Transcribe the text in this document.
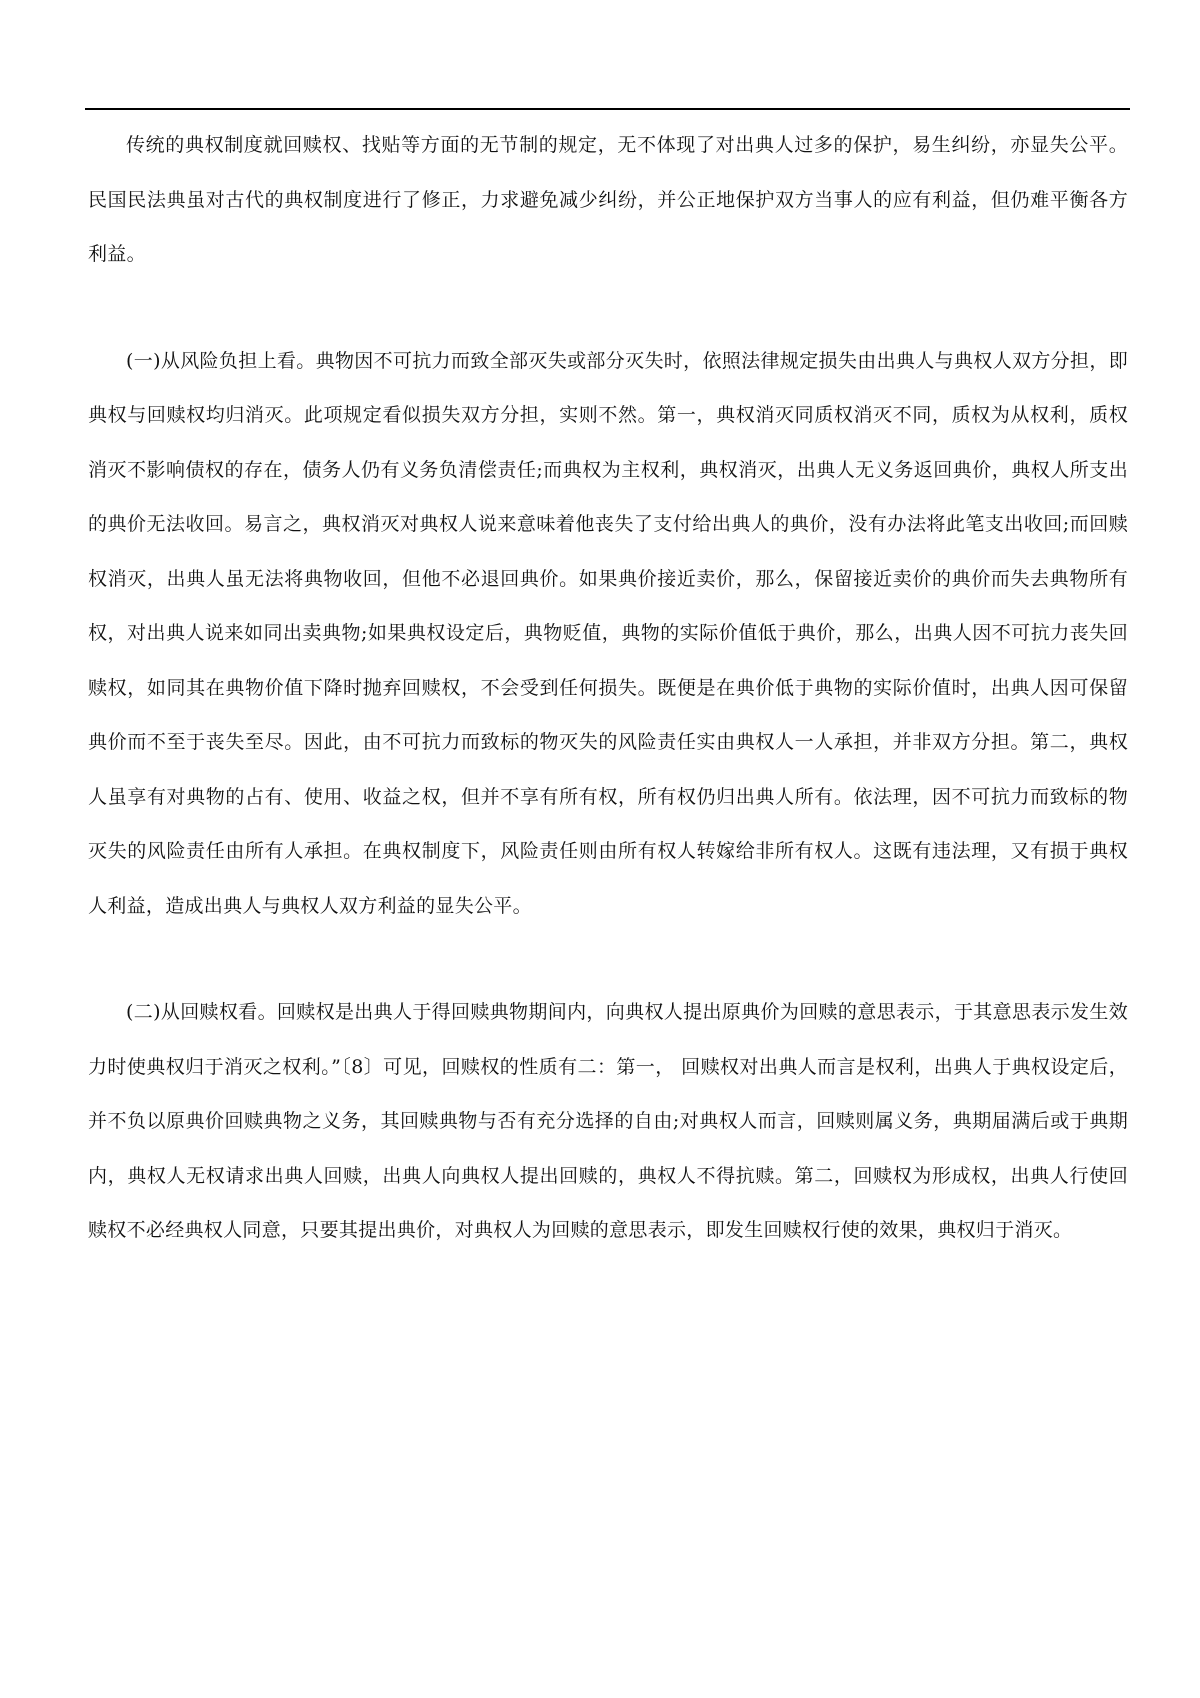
传统的典权制度就回赎权、找贴等方面的无节制的规定，无不体现了对出典人过多的保护，易生纠纷，亦显失公平。民国民法典虽对古代的典权制度进行了修正，力求避免减少纠纷，并公正地保护双方当事人的应有利益，但仍难平衡各方利益。

(一)从风险负担上看。典物因不可抗力而致全部灭失或部分灭失时，依照法律规定损失由出典人与典权人双方分担，即典权与回赎权均归消灭。此项规定看似损失双方分担，实则不然。第一，典权消灭同质权消灭不同，质权为从权利，质权消灭不影响债权的存在，债务人仍有义务负清偿责任;而典权为主权利，典权消灭，出典人无义务返回典价，典权人所支出的典价无法收回。易言之，典权消灭对典权人说来意味着他丧失了支付给出典人的典价，没有办法将此笔支出收回;而回赎权消灭，出典人虽无法将典物收回，但他不必退回典价。如果典价接近卖价，那么，保留接近卖价的典价而失去典物所有权，对出典人说来如同出卖典物;如果典权设定后，典物贬值，典物的实际价值低于典价，那么，出典人因不可抗力丧失回赎权，如同其在典物价值下降时抛弃回赎权，不会受到任何损失。既便是在典价低于典物的实际价值时，出典人因可保留典价而不至于丧失至尽。因此，由不可抗力而致标的物灭失的风险责任实由典权人一人承担，并非双方分担。第二，典权人虽享有对典物的占有、使用、收益之权，但并不享有所有权，所有权仍归出典人所有。依法理，因不可抗力而致标的物灭失的风险责任由所有人承担。在典权制度下，风险责任则由所有权人转嫁给非所有权人。这既有违法理，又有损于典权人利益，造成出典人与典权人双方利益的显失公平。

(二)从回赎权看。回赎权是出典人于得回赎典物期间内，向典权人提出原典价为回赎的意思表示，于其意思表示发生效力时使典权归于消灭之权利。”〔8〕可见，回赎权的性质有二：第一， 回赎权对出典人而言是权利，出典人于典权设定后，并不负以原典价回赎典物之义务，其回赎典物与否有充分选择的自由;对典权人而言，回赎则属义务，典期届满后或于典期内，典权人无权请求出典人回赎，出典人向典权人提出回赎的，典权人不得抗赎。第二，回赎权为形成权，出典人行使回赎权不必经典权人同意，只要其提出典价，对典权人为回赎的意思表示，即发生回赎权行使的效果，典权归于消灭。
